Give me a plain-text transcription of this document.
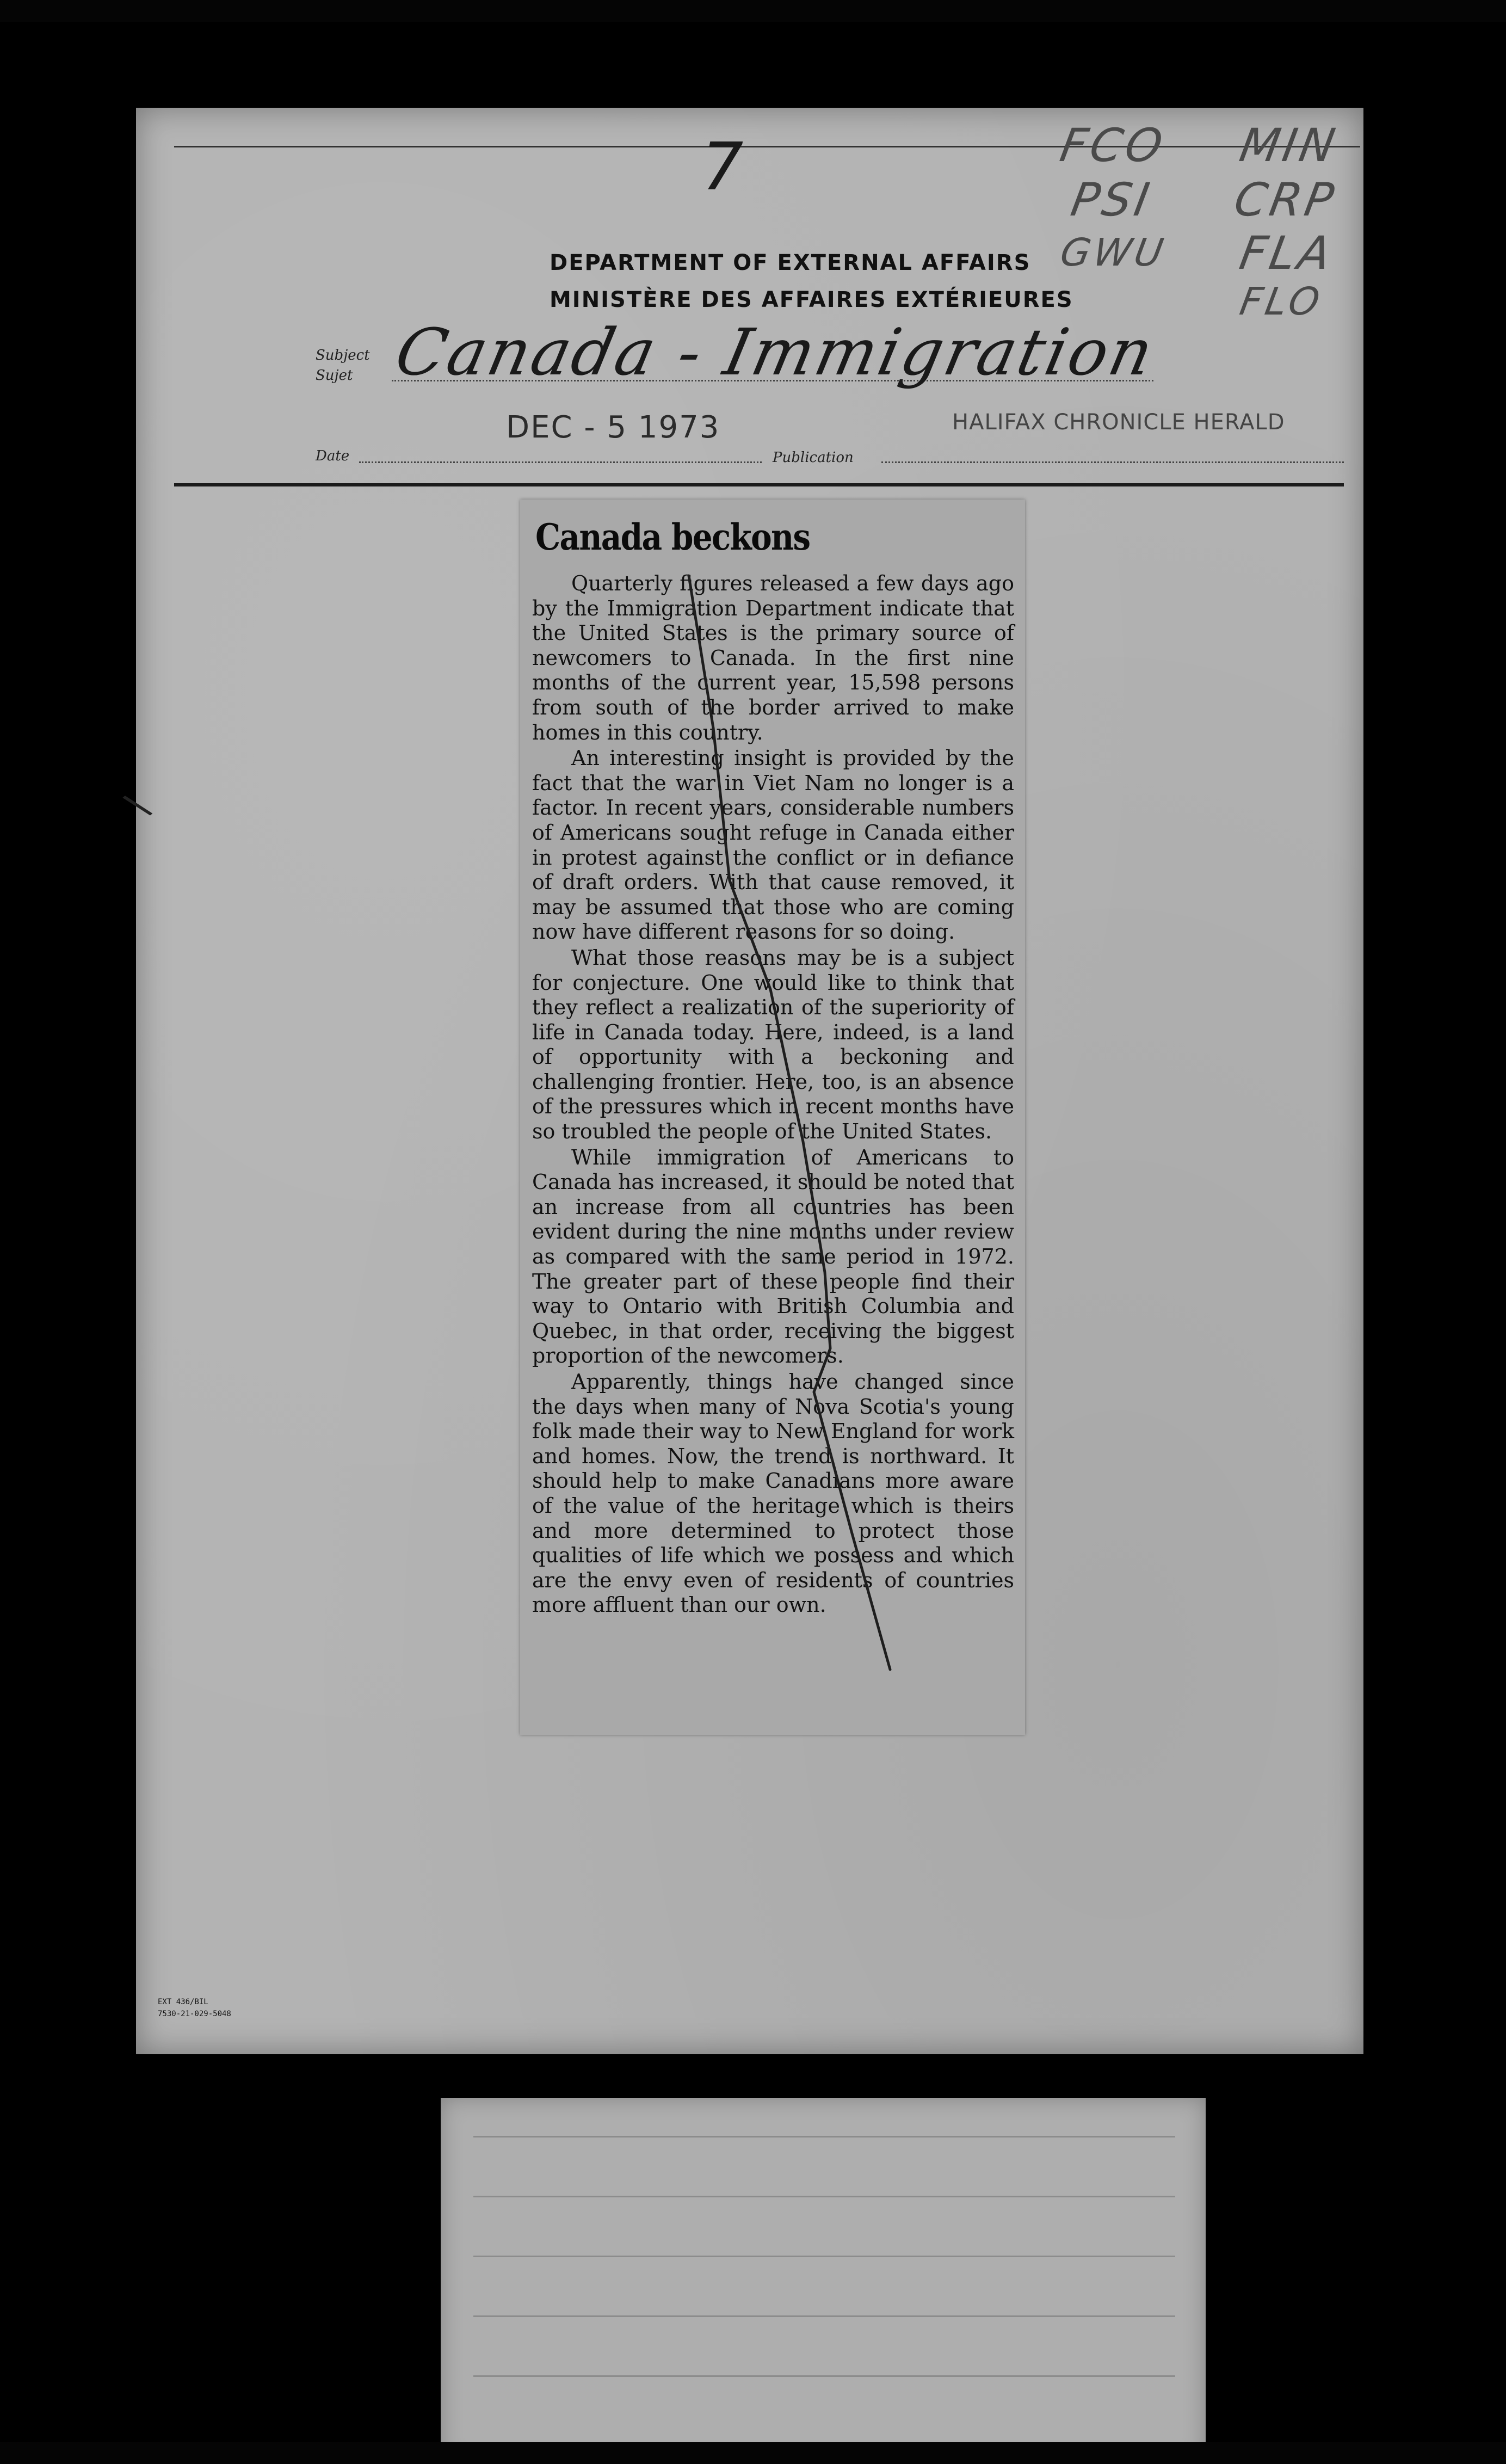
7	FCO MIN
PSI CRP
GWU FLA
FLO
DEPARTMENT OF EXTERNAL AFFAIRS
MINISTÈRE DES AFFAIRES EXTÉRIEURES
Subject
Sujet Canada - Immigration
DEC - 5 1973	HALIFAX CHRONICLE HERALD
Date	Publication
\
Canada beckons

Quarterly figures released a few days ago by the Immigration Department indicate that the United States is the primary source of newcomers to Canada. In the first nine months of the current year, 15,598 persons from south of the border arrived to make homes in this country.

An interesting insight is provided by the fact that the war in Viet Nam no longer is a factor. In recent years, considerable numbers of Americans sought refuge in Canada either in protest against the conflict or in defiance of draft orders. With that cause removed, it may be assumed that those who are coming now have different reasons for so doing.

What those reasons may be is a subject for conjecture. One would like to think that they reflect a realization of the superiority of life in Canada today. Here, indeed, is a land of opportunity with a beckoning and challenging frontier. Here, too, is an absence of the pressures which in recent months have so troubled the people of the United States.

While immigration of Americans to Canada has increased, it should be noted that an increase from all countries has been evident during the nine months under review as compared with the same period in 1972. The greater part of these people find their way to Ontario with British Columbia and Quebec, in that order, receiving the biggest proportion of the newcomers.

Apparently, things have changed since the days when many of Nova Scotia's young folk made their way to New England for work and homes. Now, the trend is northward. It should help to make Canadians more aware of the value of the heritage which is theirs and more determined to protect those qualities of life which we possess and which are the envy even of residents of countries more affluent than our own.

EXT 436/BIL
7530-21-029-5048
